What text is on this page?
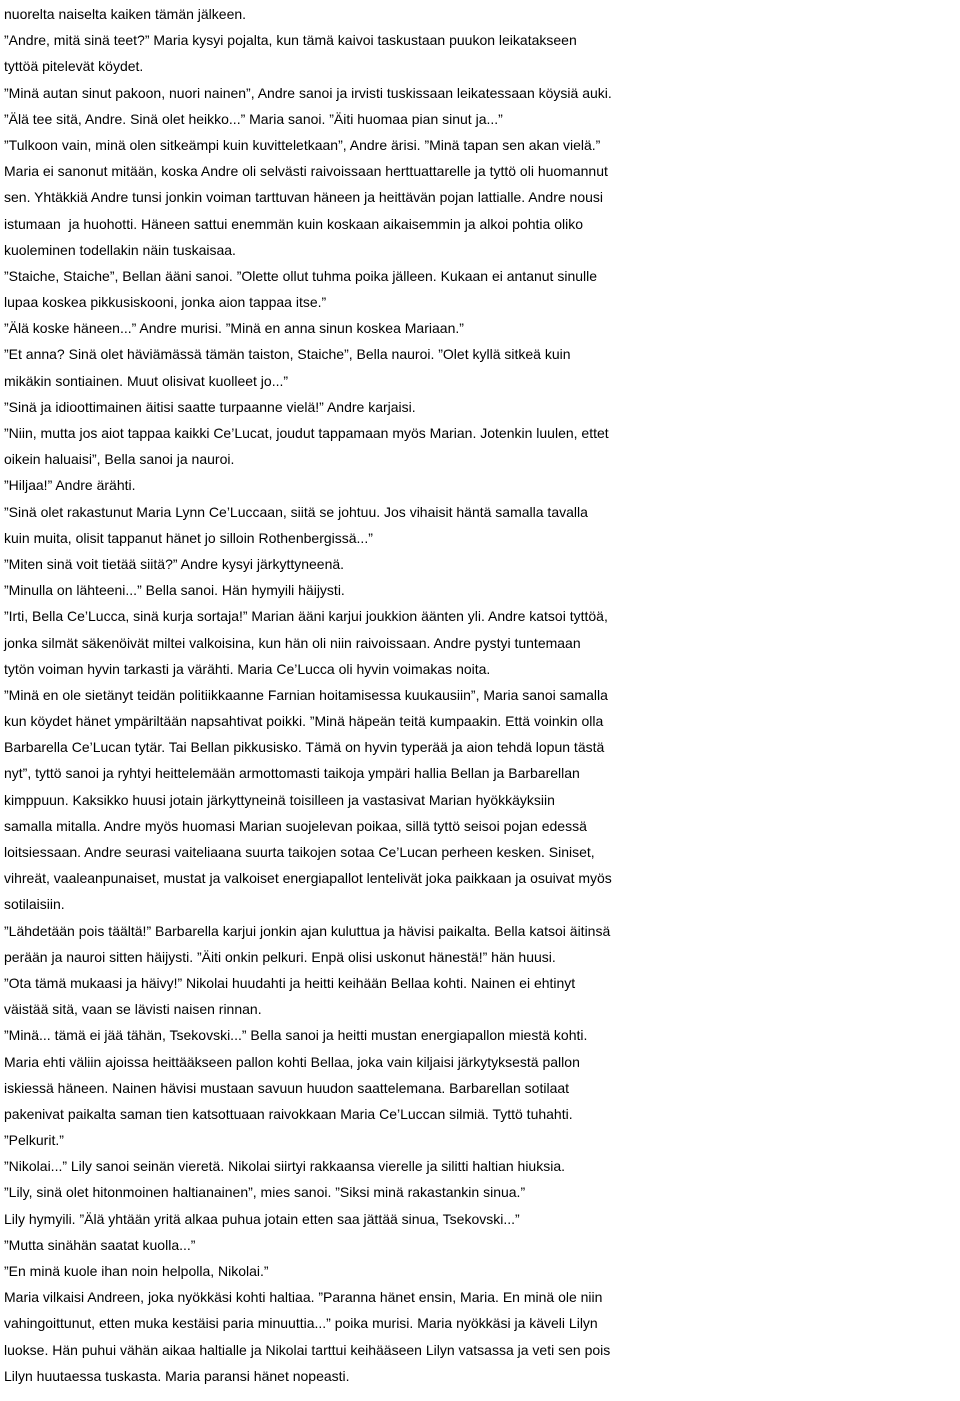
nuorelta naiselta kaiken tämän jälkeen.
”Andre, mitä sinä teet?” Maria kysyi pojalta, kun tämä kaivoi taskustaan puukon leikatakseen
tyttöä pitelevät köydet.
”Minä autan sinut pakoon, nuori nainen”, Andre sanoi ja irvisti tuskissaan leikatessaan köysiä auki.
”Älä tee sitä, Andre. Sinä olet heikko...” Maria sanoi. ”Äiti huomaa pian sinut ja...”
”Tulkoon vain, minä olen sitkeämpi kuin kuvitteletkaan”, Andre ärisi. ”Minä tapan sen akan vielä.”
Maria ei sanonut mitään, koska Andre oli selvästi raivoissaan herttuattarelle ja tyttö oli huomannut
sen. Yhtäkkiä Andre tunsi jonkin voiman tarttuvan häneen ja heittävän pojan lattialle. Andre nousi
istumaan  ja huohotti. Häneen sattui enemmän kuin koskaan aikaisemmin ja alkoi pohtia oliko
kuoleminen todellakin näin tuskaisaa.
”Staiche, Staiche”, Bellan ääni sanoi. ”Olette ollut tuhma poika jälleen. Kukaan ei antanut sinulle
lupaa koskea pikkusiskooni, jonka aion tappaa itse.”
”Älä koske häneen...” Andre murisi. ”Minä en anna sinun koskea Mariaan.”
”Et anna? Sinä olet häviämässä tämän taiston, Staiche”, Bella nauroi. ”Olet kyllä sitkeä kuin
mikäkin sontiainen. Muut olisivat kuolleet jo...”
”Sinä ja idioottimainen äitisi saatte turpaanne vielä!” Andre karjaisi.
”Niin, mutta jos aiot tappaa kaikki Ce’Lucat, joudut tappamaan myös Marian. Jotenkin luulen, ettet
oikein haluaisi”, Bella sanoi ja nauroi.
”Hiljaa!” Andre ärähti.
”Sinä olet rakastunut Maria Lynn Ce’Luccaan, siitä se johtuu. Jos vihaisit häntä samalla tavalla
kuin muita, olisit tappanut hänet jo silloin Rothenbergissä...”
”Miten sinä voit tietää siitä?” Andre kysyi järkyttyneenä.
”Minulla on lähteeni...” Bella sanoi. Hän hymyili häijysti.
”Irti, Bella Ce’Lucca, sinä kurja sortaja!” Marian ääni karjui joukkion äänten yli. Andre katsoi tyttöä,
jonka silmät säkenöivät miltei valkoisina, kun hän oli niin raivoissaan. Andre pystyi tuntemaan
tytön voiman hyvin tarkasti ja värähti. Maria Ce’Lucca oli hyvin voimakas noita.
”Minä en ole sietänyt teidän politiikkaanne Farnian hoitamisessa kuukausiin”, Maria sanoi samalla
kun köydet hänet ympäriltään napsahtivat poikki. ”Minä häpeän teitä kumpaakin. Että voinkin olla
Barbarella Ce’Lucan tytär. Tai Bellan pikkusisko. Tämä on hyvin typerää ja aion tehdä lopun tästä
nyt”, tyttö sanoi ja ryhtyi heittelemään armottomasti taikoja ympäri hallia Bellan ja Barbarellan
kimppuun. Kaksikko huusi jotain järkyttyneinä toisilleen ja vastasivat Marian hyökkäyksiin
samalla mitalla. Andre myös huomasi Marian suojelevan poikaa, sillä tyttö seisoi pojan edessä
loitsiessaan. Andre seurasi vaiteliaana suurta taikojen sotaa Ce’Lucan perheen kesken. Siniset,
vihreät, vaaleanpunaiset, mustat ja valkoiset energiapallot lentelivät joka paikkaan ja osuivat myös
sotilaisiin.
”Lähdetään pois täältä!” Barbarella karjui jonkin ajan kuluttua ja hävisi paikalta. Bella katsoi äitinsä
perään ja nauroi sitten häijysti. ”Äiti onkin pelkuri. Enpä olisi uskonut hänestä!” hän huusi.
”Ota tämä mukaasi ja häivy!” Nikolai huudahti ja heitti keihään Bellaa kohti. Nainen ei ehtinyt
väistää sitä, vaan se lävisti naisen rinnan.
”Minä... tämä ei jää tähän, Tsekovski...” Bella sanoi ja heitti mustan energiapallon miestä kohti.
Maria ehti väliin ajoissa heittääkseen pallon kohti Bellaa, joka vain kiljaisi järkytyksestä pallon
iskiessä häneen. Nainen hävisi mustaan savuun huudon saattelemana. Barbarellan sotilaat
pakenivat paikalta saman tien katsottuaan raivokkaan Maria Ce’Luccan silmiä. Tyttö tuhahti.
”Pelkurit.”
”Nikolai...” Lily sanoi seinän vieretä. Nikolai siirtyi rakkaansa vierelle ja silitti haltian hiuksia.
”Lily, sinä olet hitonmoinen haltianainen”, mies sanoi. ”Siksi minä rakastankin sinua.”
Lily hymyili. ”Älä yhtään yritä alkaa puhua jotain etten saa jättää sinua, Tsekovski...”
”Mutta sinähän saatat kuolla...”
”En minä kuole ihan noin helpolla, Nikolai.”
Maria vilkaisi Andreen, joka nyökkäsi kohti haltiaa. ”Paranna hänet ensin, Maria. En minä ole niin
vahingoittunut, etten muka kestäisi paria minuuttia...” poika murisi. Maria nyökkäsi ja käveli Lilyn
luokse. Hän puhui vähän aikaa haltialle ja Nikolai tarttui keihääseen Lilyn vatsassa ja veti sen pois
Lilyn huutaessa tuskasta. Maria paransi hänet nopeasti.
